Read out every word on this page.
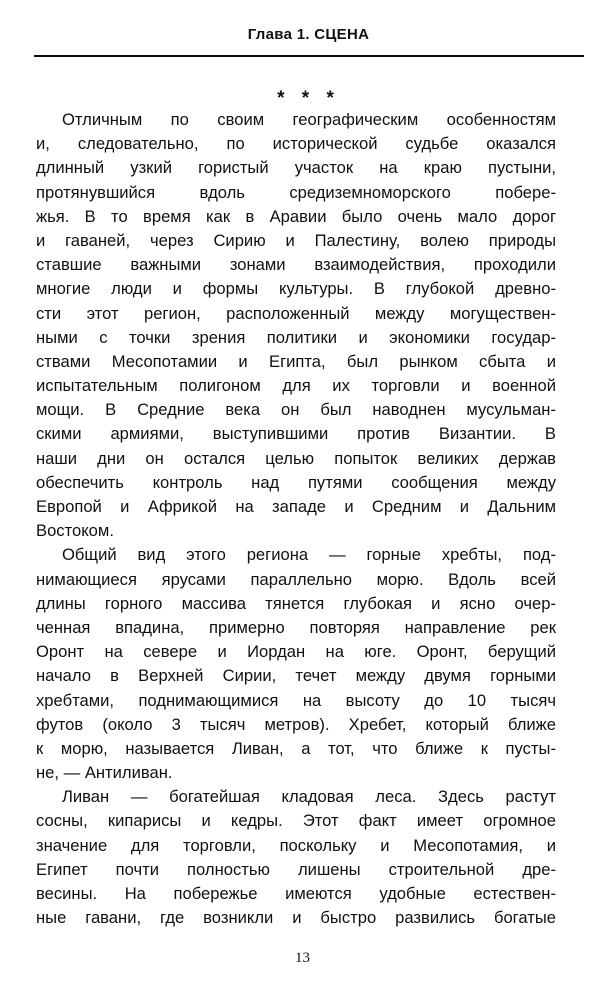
Глава 1. СЦЕНА
* * *
Отличным по своим географическим особенностям
и, следовательно, по исторической судьбе оказался
длинный узкий гористый участок на краю пустыни,
протянувшийся вдоль средиземноморского побере-
жья. В то время как в Аравии было очень мало дорог
и гаваней, через Сирию и Палестину, волею природы
ставшие важными зонами взаимодействия, проходили
многие люди и формы культуры. В глубокой древно-
сти этот регион, расположенный между могуществен-
ными с точки зрения политики и экономики государ-
ствами Месопотамии и Египта, был рынком сбыта и
испытательным полигоном для их торговли и военной
мощи. В Средние века он был наводнен мусульман-
скими армиями, выступившими против Византии. В
наши дни он остался целью попыток великих держав
обеспечить контроль над путями сообщения между
Европой и Африкой на западе и Средним и Дальним
Востоком.
Общий вид этого региона — горные хребты, под-
нимающиеся ярусами параллельно морю. Вдоль всей
длины горного массива тянется глубокая и ясно очер-
ченная впадина, примерно повторяя направление рек
Оронт на севере и Иордан на юге. Оронт, берущий
начало в Верхней Сирии, течет между двумя горными
хребтами, поднимающимися на высоту до 10 тысяч
футов (около 3 тысяч метров). Хребет, который ближе
к морю, называется Ливан, а тот, что ближе к пусты-
не, — Антиливан.
Ливан — богатейшая кладовая леса. Здесь растут
сосны, кипарисы и кедры. Этот факт имеет огромное
значение для торговли, поскольку и Месопотамия, и
Египет почти полностью лишены строительной дре-
весины. На побережье имеются удобные естествен-
ные гавани, где возникли и быстро развились богатые
13
